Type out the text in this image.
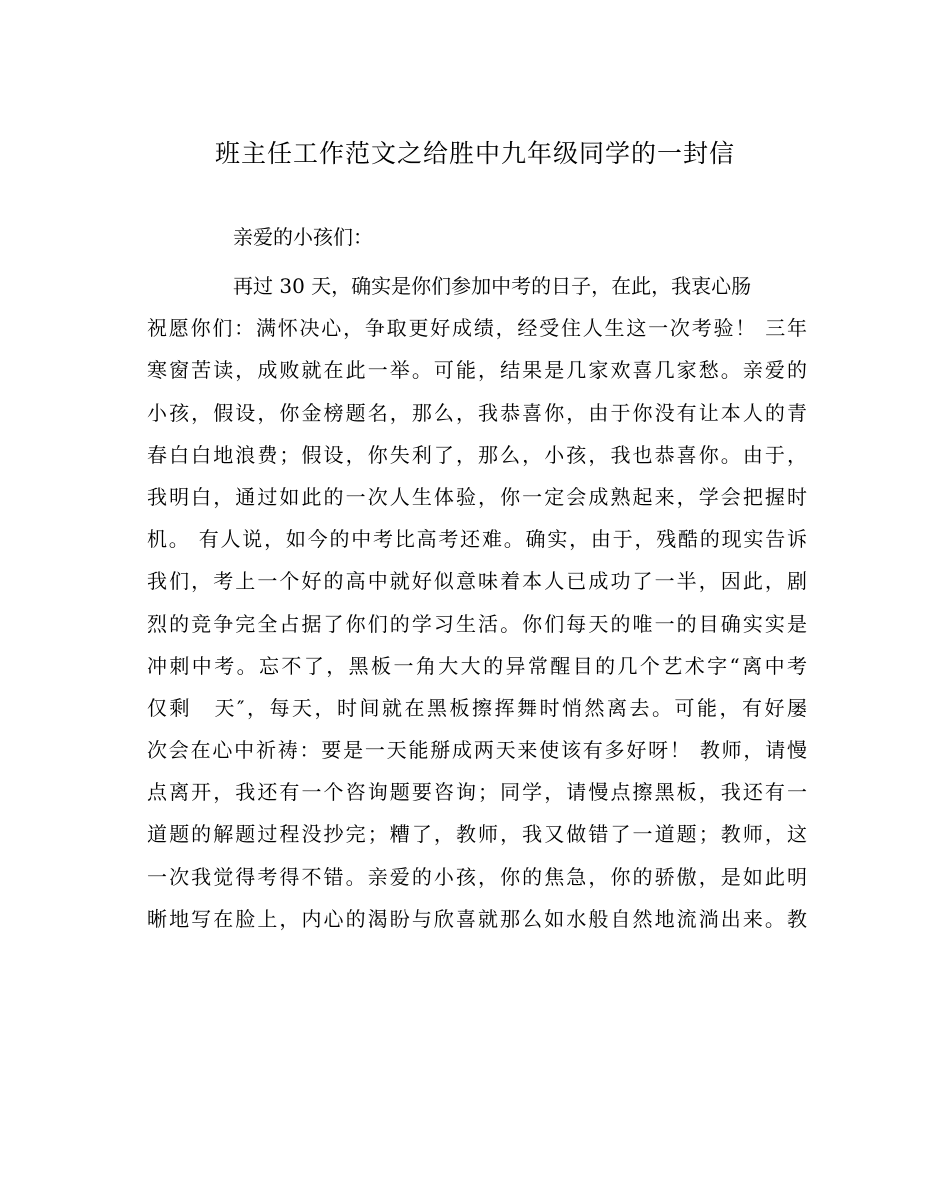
班主任工作范文之给胜中九年级同学的一封信

亲爱的小孩们：

再过 30 天，确实是你们参加中考的日子，在此，我衷心肠
祝愿你们：满怀决心，争取更好成绩，经受住人生这一次考验！ 三年
寒窗苦读，成败就在此一举。可能，结果是几家欢喜几家愁。亲爱的
小孩，假设，你金榜题名，那么，我恭喜你，由于你没有让本人的青
春白白地浪费；假设，你失利了，那么，小孩，我也恭喜你。由于，
我明白，通过如此的一次人生体验，你一定会成熟起来，学会把握时
机。 有人说，如今的中考比高考还难。确实，由于，残酷的现实告诉
我们，考上一个好的高中就好似意味着本人已成功了一半，因此，剧
烈的竞争完全占据了你们的学习生活。你们每天的唯一的目确实实是
冲刺中考。忘不了，黑板一角大大的异常醒目的几个艺术字“离中考
仅剩　天″，每天，时间就在黑板擦挥舞时悄然离去。可能，有好屡
次会在心中祈祷：要是一天能掰成两天来使该有多好呀！ 教师，请慢
点离开，我还有一个咨询题要咨询；同学，请慢点擦黑板，我还有一
道题的解题过程没抄完；糟了，教师，我又做错了一道题；教师，这
一次我觉得考得不错。亲爱的小孩，你的焦急，你的骄傲，是如此明
晰地写在脸上，内心的渴盼与欣喜就那么如水般自然地流淌出来。教
